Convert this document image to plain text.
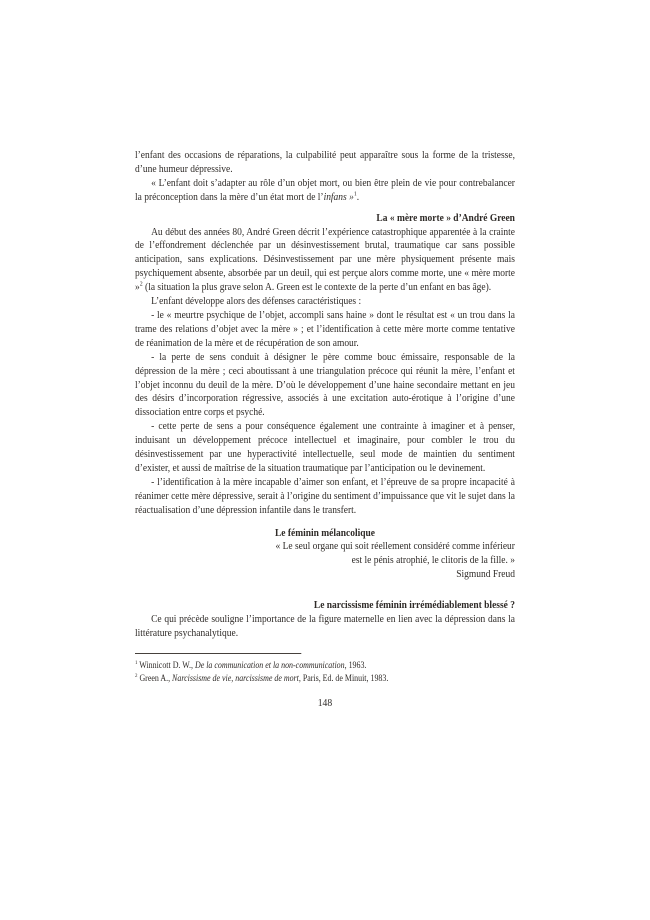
l’enfant des occasions de réparations, la culpabilité peut apparaître sous la forme de la tristesse, d’une humeur dépressive.

« L’enfant doit s’adapter au rôle d’un objet mort, ou bien être plein de vie pour contrebalancer la préconception dans la mère d’un état mort de l’infans »$^1$.

La « mère morte » d’André Green

Au début des années 80, André Green décrit l’expérience catastrophique apparentée à la crainte de l’effondrement déclenchée par un désinvestissement brutal, traumatique car sans possible anticipation, sans explications. Désinvestissement par une mère physiquement présente mais psychiquement absente, absorbée par un deuil, qui est perçue alors comme morte, une « mère morte »$^2$ (la situation la plus grave selon A. Green est le contexte de la perte d’un enfant en bas âge).

L’enfant développe alors des défenses caractéristiques :

- le « meurtre psychique de l’objet, accompli sans haine » dont le résultat est « un trou dans la trame des relations d’objet avec la mère » ; et l’identification à cette mère morte comme tentative de réanimation de la mère et de récupération de son amour.

- la perte de sens conduit à désigner le père comme bouc émissaire, responsable de la dépression de la mère ; ceci aboutissant à une triangulation précoce qui réunit la mère, l’enfant et l’objet inconnu du deuil de la mère. D’où le développement d’une haine secondaire mettant en jeu des désirs d’incorporation régressive, associés à une excitation auto-érotique à l’origine d’une dissociation entre corps et psyché.

- cette perte de sens a pour conséquence également une contrainte à imaginer et à penser, induisant un développement précoce intellectuel et imaginaire, pour combler le trou du désinvestissement par une hyperactivité intellectuelle, seul mode de maintien du sentiment d’exister, et aussi de maîtrise de la situation traumatique par l’anticipation ou le devinement.

- l’identification à la mère incapable d’aimer son enfant, et l’épreuve de sa propre incapacité à réanimer cette mère dépressive, serait à l’origine du sentiment d’impuissance que vit le sujet dans la réactualisation d’une dépression infantile dans le transfert.

Le féminin mélancolique

« Le seul organe qui soit réellement considéré comme inférieur

est le pénis atrophié, le clitoris de la fille. »

Sigmund Freud

Le narcissisme féminin irrémédiablement blessé ?

Ce qui précède souligne l’importance de la figure maternelle en lien avec la dépression dans la littérature psychanalytique.

$^1$ Winnicott D. W., De la communication et la non-communication, 1963.

$^2$ Green A., Narcissisme de vie, narcissisme de mort, Paris, Ed. de Minuit, 1983.

148
